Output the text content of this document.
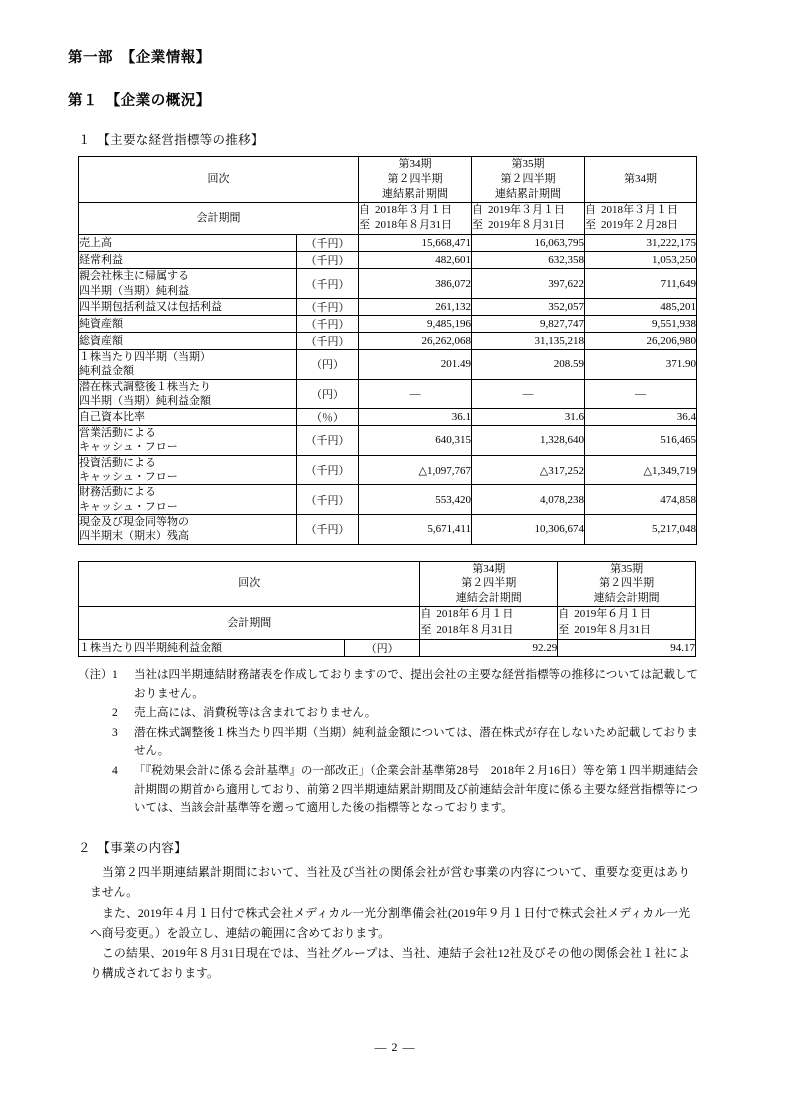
第一部　【企業情報】
第１　【企業の概況】
１　【主要な経営指標等の推移】
回次		第34期
第２四半期
連結累計期間	第35期
第２四半期
連結累計期間	第34期
会計期間		自 2018年３月１日
至 2018年８月31日	自 2019年３月１日
至 2019年８月31日	自 2018年３月１日
至 2019年２月28日

売上高	（千円）	15,668,471	16,063,795	31,222,175
経常利益	（千円）	482,601	632,358	1,053,250
親会社株主に帰属する
四半期（当期）純利益	（千円）	386,072	397,622	711,649
四半期包括利益又は包括利益	（千円）	261,132	352,057	485,201
純資産額	（千円）	9,485,196	9,827,747	9,551,938
総資産額	（千円）	26,262,068	31,135,218	26,206,980
１株当たり四半期（当期）
純利益金額	（円）	201.49	208.59	371.90
潜在株式調整後１株当たり
四半期（当期）純利益金額	（円）	—	—	—
自己資本比率	（％）	36.1	31.6	36.4
営業活動による
キャッシュ・フロー	（千円）	640,315	1,328,640	516,465
投資活動による
キャッシュ・フロー	（千円）	△1,097,767	△317,252	△1,349,719
財務活動による
キャッシュ・フロー	（千円）	553,420	4,078,238	474,858
現金及び現金同等物の
四半期末（期末）残高	（千円）	5,671,411	10,306,674	5,217,048
回次		第34期
第２四半期
連結会計期間	第35期
第２四半期
連結会計期間
会計期間		自 2018年６月１日
至 2018年８月31日	自 2019年６月１日
至 2019年８月31日

１株当たり四半期純利益金額	（円）	92.29	94.17
（注） 1	当社は四半期連結財務諸表を作成しておりますので、提出会社の主要な経営指標等の推移については記載しておりません。
2	売上高には、消費税等は含まれておりません。
3	潜在株式調整後１株当たり四半期（当期）純利益金額については、潜在株式が存在しないため記載しておりません。
4	「『税効果会計に係る会計基準』の一部改正」（企業会計基準第28号　2018年２月16日）等を第１四半期連結会計期間の期首から適用しており、前第２四半期連結累計期間及び前連結会計年度に係る主要な経営指標等については、当該会計基準等を遡って適用した後の指標等となっております。
２　【事業の内容】
当第２四半期連結累計期間において、当社及び当社の関係会社が営む事業の内容について、重要な変更はありません。
また、2019年４月１日付で株式会社メディカル一光分割準備会社(2019年９月１日付で株式会社メディカル一光へ商号変更。）を設立し、連結の範囲に含めております。
この結果、2019年８月31日現在では、当社グループは、当社、連結子会社12社及びその他の関係会社１社により構成されております。
— 2 —
